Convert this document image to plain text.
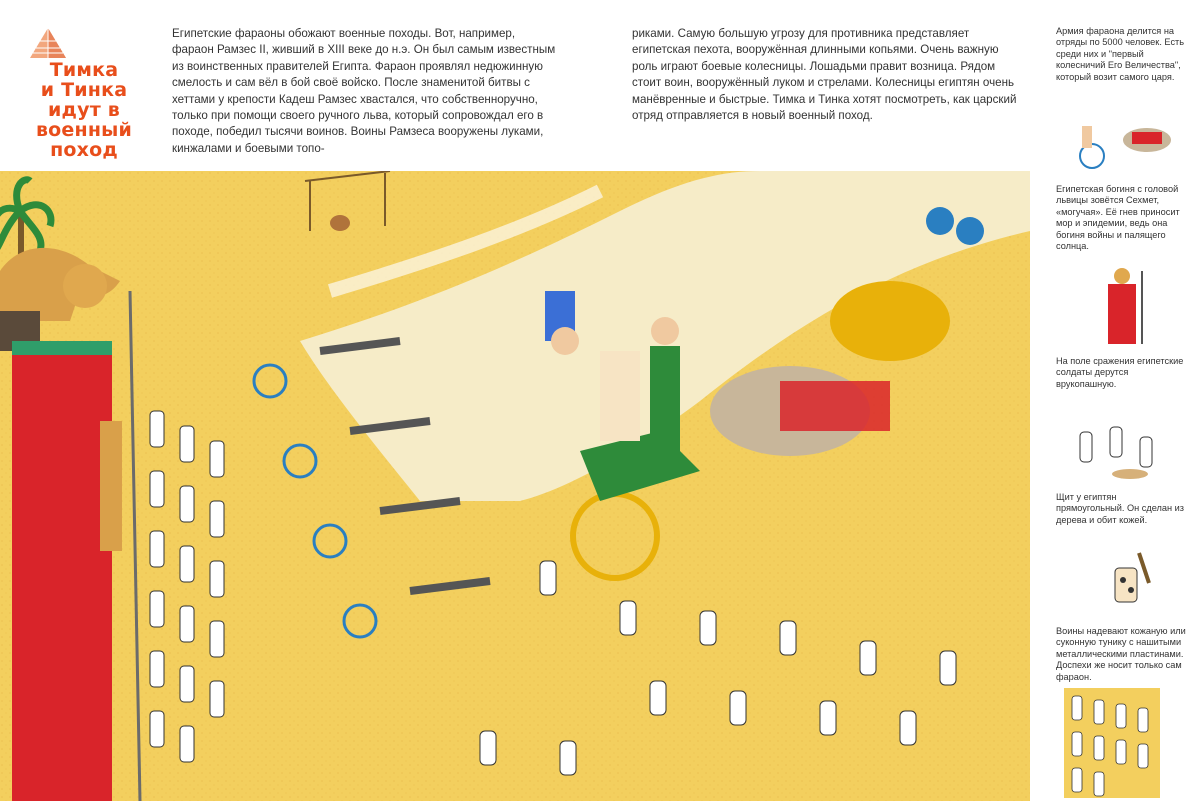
Тимка
и Тинка
идут в
военный
поход

Египетские фараоны обожают военные походы. Вот, например, фараон Рамзес II, живший в XIII веке до н.э. Он был самым известным из воинственных правителей Египта. Фараон проявлял недюжинную смелость и сам вёл в бой своё войско. После знаменитой битвы с хеттами у крепости Кадеш Рамзес хвастался, что собственноручно, только при помощи своего ручного льва, который сопровождал его в походе, победил тысячи воинов. Воины Рамзеса вооружены луками, кинжалами и боевыми топо-

риками. Самую большую угрозу для противника представляет египетская пехота, вооружённая длинными копьями. Очень важную роль играют боевые колесницы. Лошадьми правит возница. Рядом стоит воин, вооружённый луком и стрелами. Колесницы египтян очень манёвренные и быстрые. Тимка и Тинка хотят посмотреть, как царский отряд отправляется в новый военный поход.

Армия фараона делится на отряды по 5000 человек. Есть среди них и "первый колесничий Его Величества", который возит самого царя.

Египетская богиня с головой львицы зовётся Сехмет, «могучая». Её гнев приносит мор и эпидемии, ведь она богиня войны и палящего солнца.

На поле сражения египетские солдаты дерутся врукопашную.

Щит у египтян прямоугольный. Он сделан из дерева и обит кожей.

Воины надевают кожаную или суконную тунику с нашитыми металлическими пластинами. Доспехи же носит только сам фараон.
